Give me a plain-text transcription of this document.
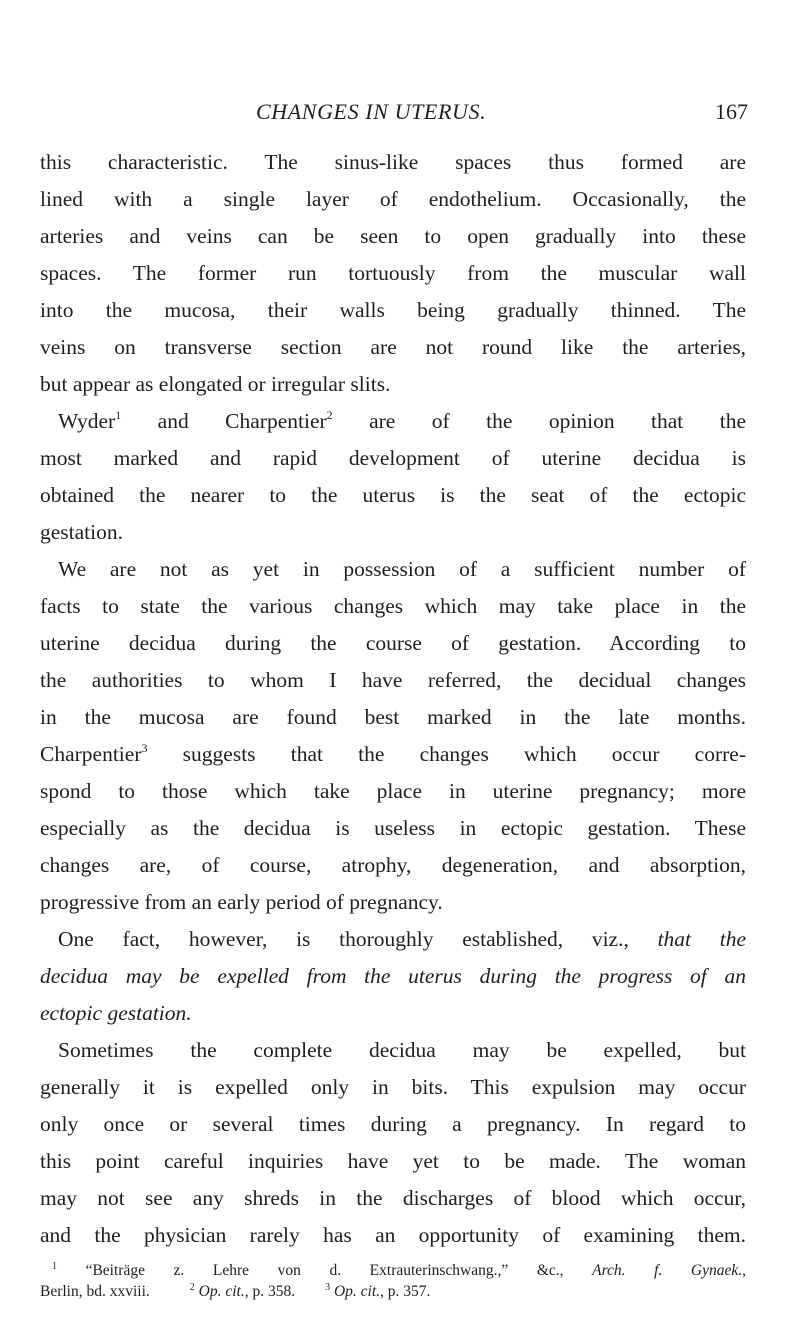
CHANGES IN UTERUS.	167
this characteristic. The sinus-like spaces thus formed are
lined with a single layer of endothelium. Occasionally, the
arteries and veins can be seen to open gradually into these
spaces. The former run tortuously from the muscular wall
into the mucosa, their walls being gradually thinned. The
veins on transverse section are not round like the arteries,
but appear as elongated or irregular slits.
Wyder$^1$ and Charpentier$^2$ are of the opinion that the
most marked and rapid development of uterine decidua is
obtained the nearer to the uterus is the seat of the ectopic
gestation.
We are not as yet in possession of a sufficient number of
facts to state the various changes which may take place in the
uterine decidua during the course of gestation. According to
the authorities to whom I have referred, the decidual changes
in the mucosa are found best marked in the late months.
Charpentier$^3$ suggests that the changes which occur corre-
spond to those which take place in uterine pregnancy; more
especially as the decidua is useless in ectopic gestation. These
changes are, of course, atrophy, degeneration, and absorption,
progressive from an early period of pregnancy.
One fact, however, is thoroughly established, viz., that the
decidua may be expelled from the uterus during the progress of an
ectopic gestation.
Sometimes the complete decidua may be expelled, but
generally it is expelled only in bits. This expulsion may occur
only once or several times during a pregnancy. In regard to
this point careful inquiries have yet to be made. The woman
may not see any shreds in the discharges of blood which occur,
and the physician rarely has an opportunity of examining them.
$^1$ “Beiträge z. Lehre von d. Extrauterinschwang.,” &c., Arch. f. Gynaek.,
Berlin, bd. xxviii.	$^2$ Op. cit., p. 358.	$^3$ Op. cit., p. 357.
